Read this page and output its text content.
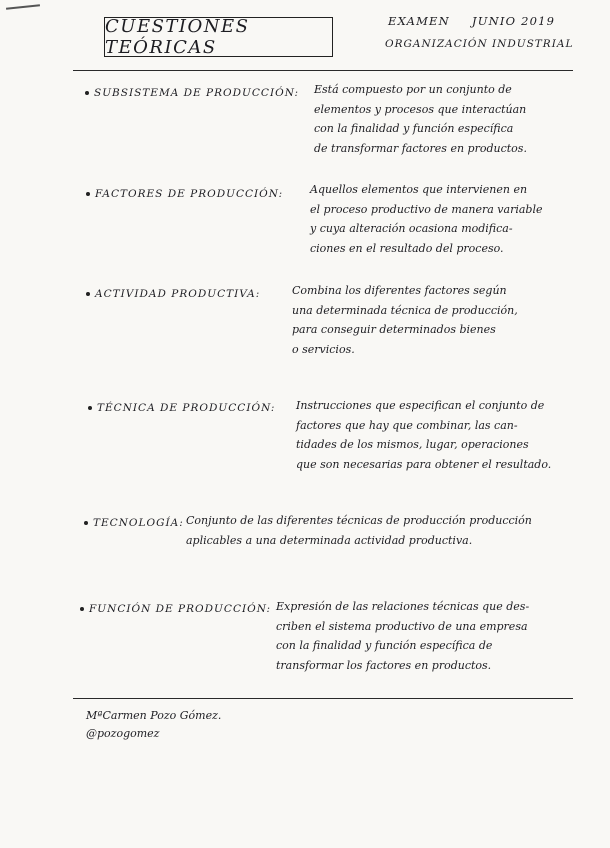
CUESTIONES TEÓRICAS
EXAMEN JUNIO 2019
ORGANIZACIÓN INDUSTRIAL
SUBSISTEMA DE PRODUCCIÓN: Está compuesto por un conjunto de
elementos y procesos que interactúan
con la finalidad y función específica
de transformar factores en productos.
FACTORES DE PRODUCCIÓN: Aquellos elementos que intervienen en
el proceso productivo de manera variable
y cuya alteración ocasiona modifica-
ciones en el resultado del proceso.
ACTIVIDAD PRODUCTIVA:	Combina los diferentes factores según
una determinada técnica de producción,
para conseguir determinados bienes
o servicios.
TÉCNICA DE PRODUCCIÓN: Instrucciones que especifican el conjunto de
factores que hay que combinar, las can-
tidades de los mismos, lugar, operaciones
que son necesarias para obtener el resultado.
TECNOLOGÍA: Conjunto de las diferentes técnicas de producción producción
aplicables a una determinada actividad productiva.
FUNCIÓN DE PRODUCCIÓN: Expresión de las relaciones técnicas que des-
criben el sistema productivo de una empresa
con la finalidad y función específica de
transformar los factores en productos.
MªCarmen Pozo Gómez.
@pozogomez
